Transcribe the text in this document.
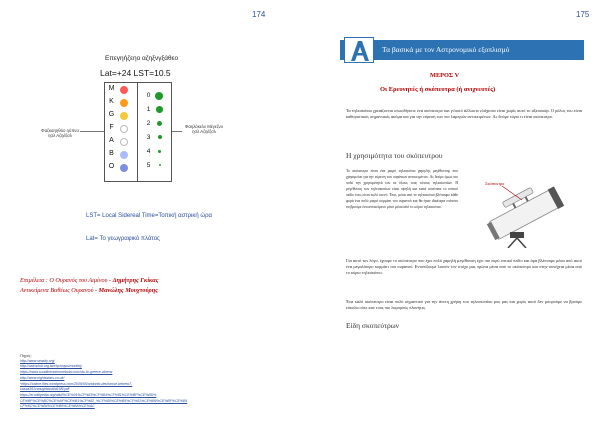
174
Επεγηήζεηο αζηξνγξάθεο
Lat=+24 LST=10.5
M
K
G
F
A
B
O
0
1
2
3
4
5
Φαζκαηηθόο ηύπνο ησλ Αζηέξσλ
Φαηλόκελν Μέγεζνο ησλ Αζηέξσλ
LST= Local Sidereal Time=Τοπική αστρική ώρα
Lat= Το γεωγραφικό πλάτος
Επιμέλεια : Ο Ουρανός του Αιμίνου - Δημήτρης Γκίκας
Αντικείμενα Βαθέως Ουρανού - Μανώλης Μουχτούρης
Πηγές:
http://www.seasky.org/
http://astroclub.org.tw/ctp/maps/monthly
https://www.soudthersdomnebula.com/sto-to-greece-athens
http://www.nightsstars.co.uk/
*https://calme.files.wordpress.com/2009/05/orbiontb-deutorose-deberb7-
cassa361cvoughbbst6d158l.pdf
https://el.wikipedia.org/wiki/%CE%91%CF%83%CF%84%CF%81%CE%BF%CE%BD%
CE%BF%CE%BC%CE%AF%CE%B1%CF%82_%CF%80%CE%B5%CF%81%CE%B9%CE%BF%CE%B4
CF%8C%CE%B4%CE%B9%CE%BA%CE%AC
175
Τα βασικά με τον Αστρονομικό εξοπλισμό
ΜΕΡΟΣ V
Οι Ερευνητές ή σκόπευτρα (ή ανιχνευτές)
Τα τηλεσκόπια χρειάζονται οπωσδήποτε ένα σκόπευτρο και γι'αυτό άλλωστε ελάχιστα είναι χωρίς αυτό το αξεσουάρ. Ο ρόλος του είναι καθοριστικός σημαντικός ακόμα και για την εύρεση των πιο λαμπρών αντικειμένων. Ας δούμε τώρα τι είναι σκόπευτρο.
Η χρησιμότητα του σκόπευτρου
Το σκόπευτρο είναι ένα μικρό τηλεσκόπιο χαμηλής μεγέθυνσης που χρησιμεύει για την εύρεση των ουράνιων αντικειμένων. Ας δούμε όμως πιο πολύ την χρησιμότητά του σε όλους τους τύπους τηλεσκοπίων. Η μεγέθυνση των τηλεσκοπίων είναι υψηλή και κατά συνέπεια το οπτικό πεδίο τους είναι πολύ στενό. Έτσι, μέσα από το τηλεσκόπιο βλέπουμε κάθε φορά ένα πολύ μικρό κομμάτι του ουρανού και θα ήταν ιδιαίτερα επίπονο να βρούμε ένα αντικείμενο μόνο μέσα από το κύριο τηλεσκόπιο.
Σκόπευτρο
Για αυτό τον λόγο, έχουμε το σκόπευτρο που έχει πολύ χαμηλή μεγέθυνση έχει πιο ευρύ οπτικό πεδίο και άρα βλέπουμε μέσα από αυτό ένα μεγαλύτερο κομμάτι του ουρανού. Εντοπίζουμε λοιπόν τον στόχο μας πρώτα μέσα από το σκόπευτρο και στην συνέχεια μέσα από το κύριο τηλεσκόπιο.
Ένα καλό σκόπευτρο είναι πολύ σημαντικό για την άνετη χρήση του τηλεσκοπίου μας μας και χωρίς αυτό δεν μπορούμε να βρούμε εύκολα ούτε καν τους πιο λαμπρούς πλανήτες.
Είδη σκοπεύτρων
